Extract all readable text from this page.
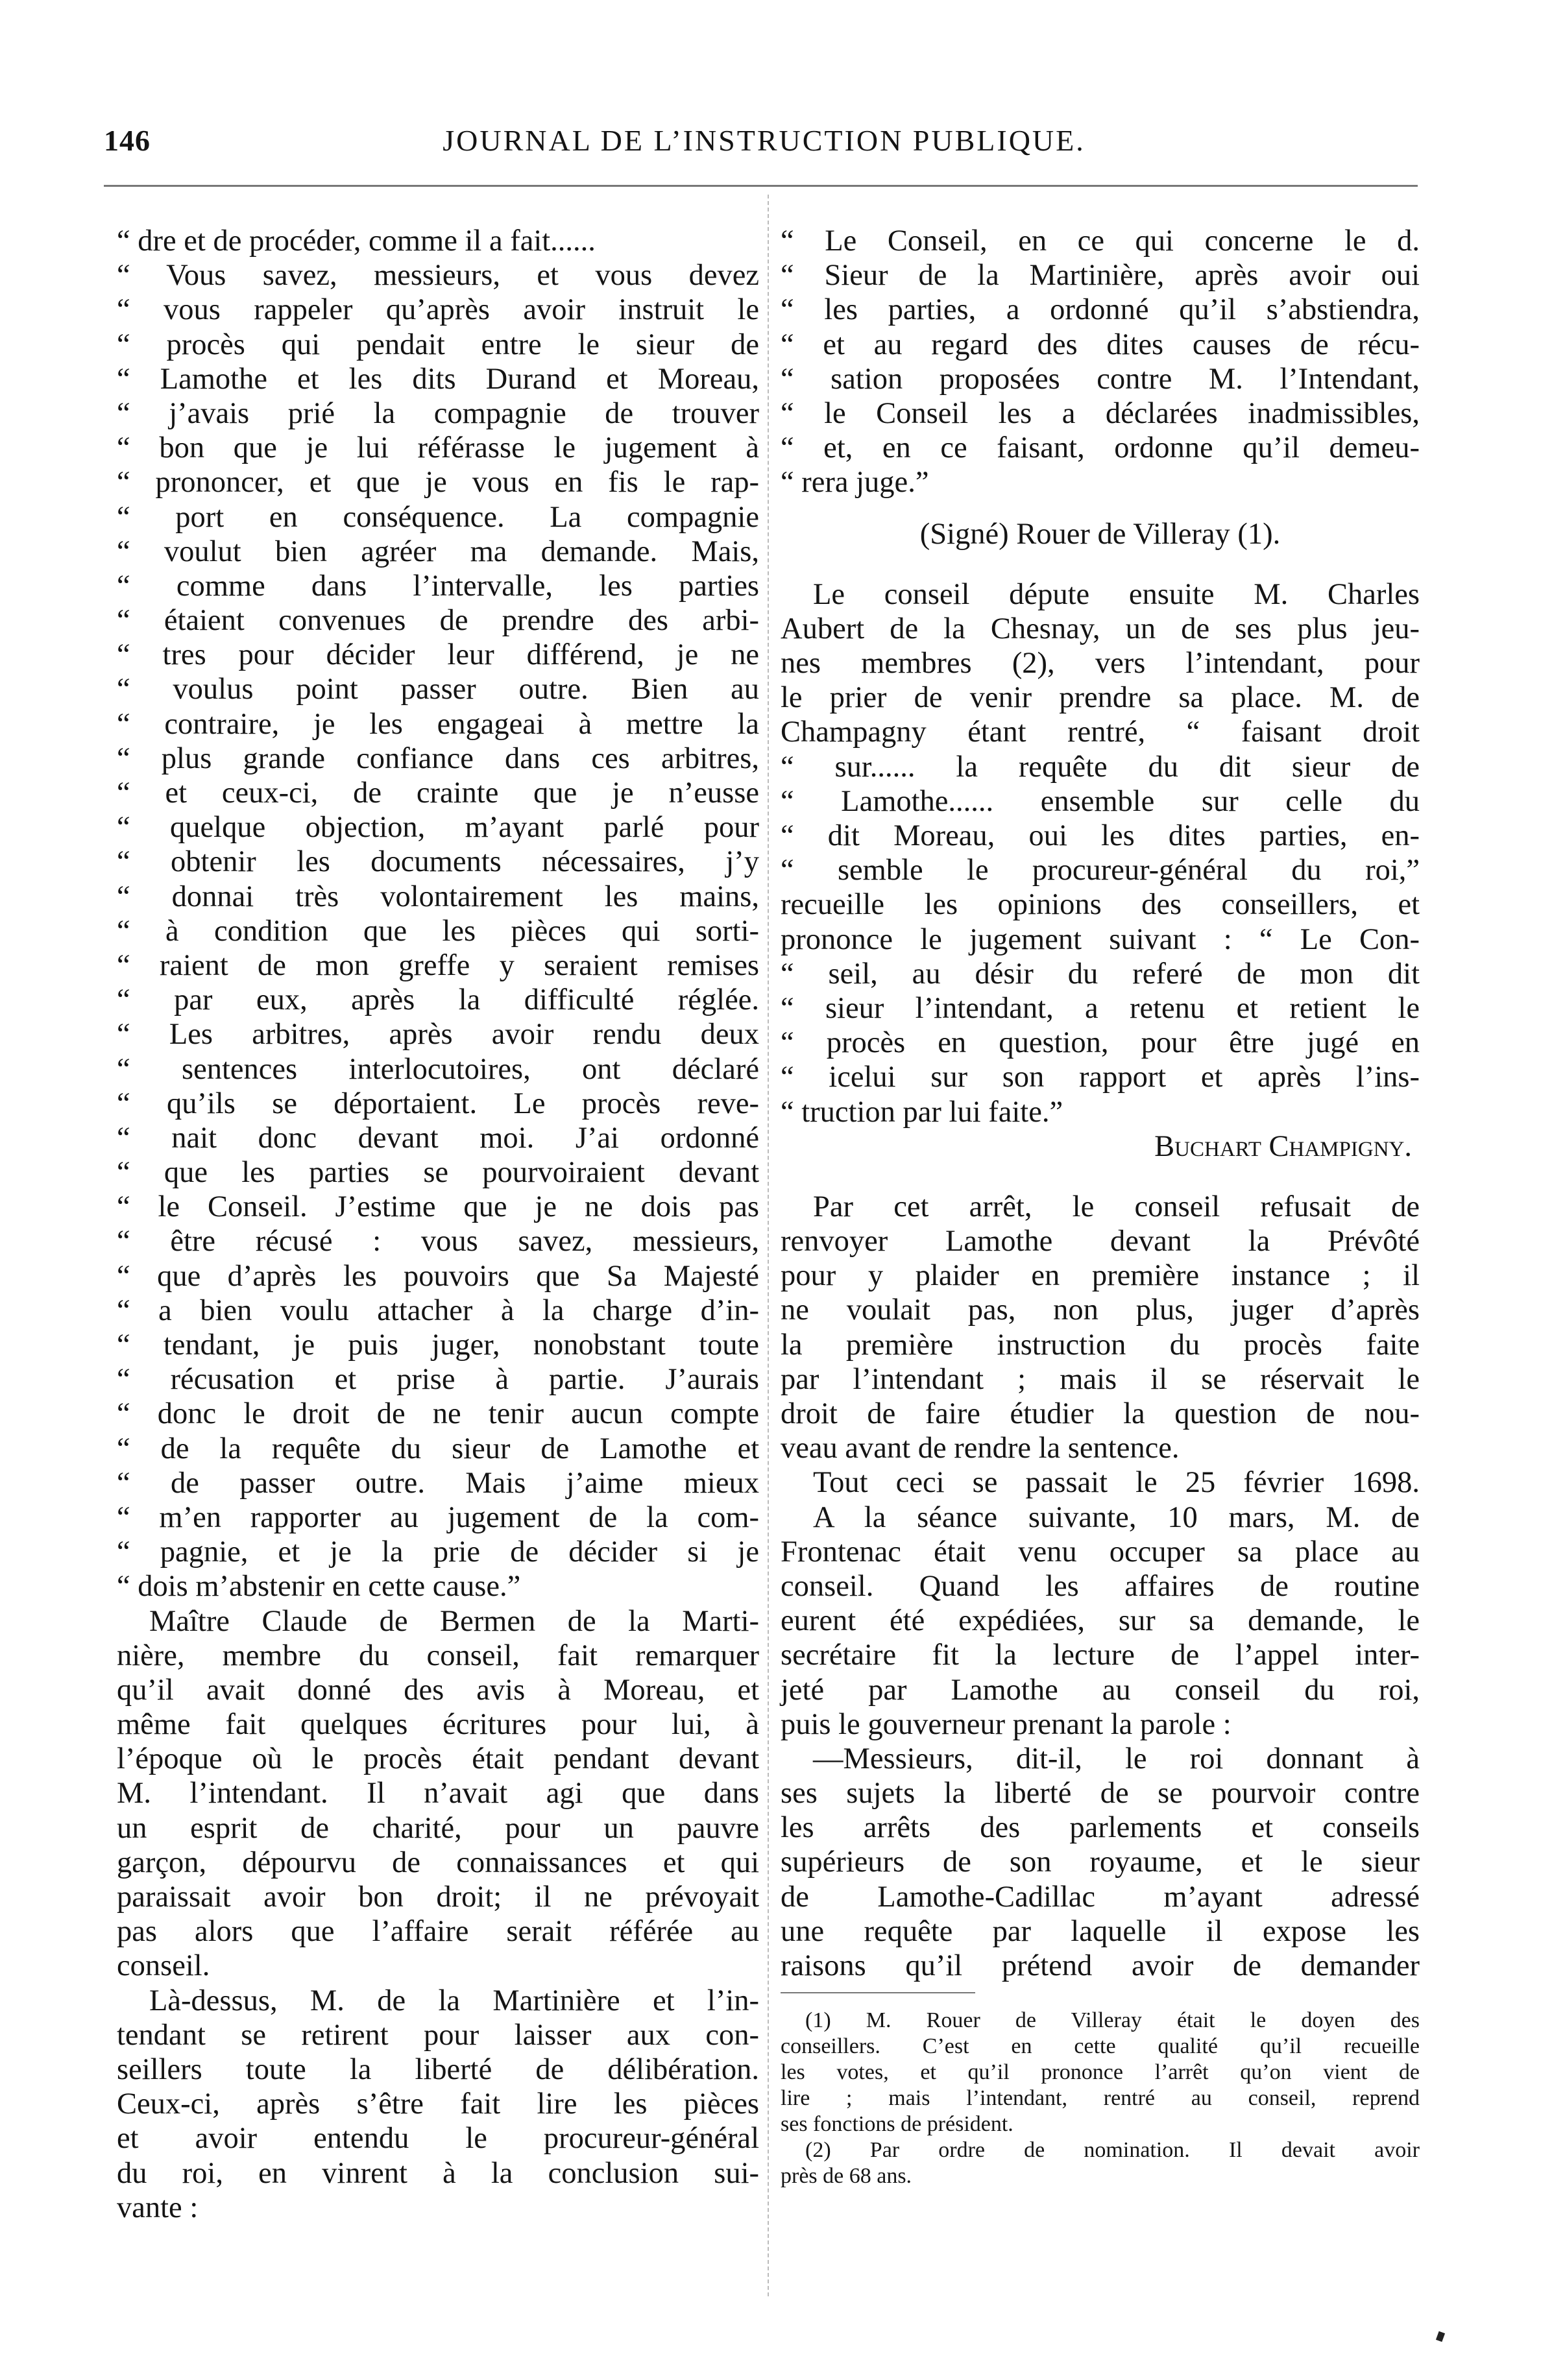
146	JOURNAL DE L’INSTRUCTION PUBLIQUE.
“ dre et de procéder, comme il a fait......
“ Vous savez, messieurs, et vous devez
“ vous rappeler qu’après avoir instruit le
“ procès qui pendait entre le sieur de
“ Lamothe et les dits Durand et Moreau,
“ j’avais prié la compagnie de trouver
“ bon que je lui référasse le jugement à
“ prononcer, et que je vous en fis le rap-
“ port en conséquence. La compagnie
“ voulut bien agréer ma demande. Mais,
“ comme dans l’intervalle, les parties
“ étaient convenues de prendre des arbi-
“ tres pour décider leur différend, je ne
“ voulus point passer outre. Bien au
“ contraire, je les engageai à mettre la
“ plus grande confiance dans ces arbitres,
“ et ceux-ci, de crainte que je n’eusse
“ quelque objection, m’ayant parlé pour
“ obtenir les documents nécessaires, j’y
“ donnai très volontairement les mains,
“ à condition que les pièces qui sorti-
“ raient de mon greffe y seraient remises
“ par eux, après la difficulté réglée.
“ Les arbitres, après avoir rendu deux
“ sentences interlocutoires, ont déclaré
“ qu’ils se déportaient. Le procès reve-
“ nait donc devant moi. J’ai ordonné
“ que les parties se pourvoiraient devant
“ le Conseil. J’estime que je ne dois pas
“ être récusé : vous savez, messieurs,
“ que d’après les pouvoirs que Sa Majesté
“ a bien voulu attacher à la charge d’in-
“ tendant, je puis juger, nonobstant toute
“ récusation et prise à partie. J’aurais
“ donc le droit de ne tenir aucun compte
“ de la requête du sieur de Lamothe et
“ de passer outre. Mais j’aime mieux
“ m’en rapporter au jugement de la com-
“ pagnie, et je la prie de décider si je
“ dois m’abstenir en cette cause.”
Maître Claude de Bermen de la Marti-
nière, membre du conseil, fait remarquer
qu’il avait donné des avis à Moreau, et
même fait quelques écritures pour lui, à
l’époque où le procès était pendant devant
M. l’intendant. Il n’avait agi que dans
un esprit de charité, pour un pauvre
garçon, dépourvu de connaissances et qui
paraissait avoir bon droit; il ne prévoyait
pas alors que l’affaire serait référée au
conseil.
Là-dessus, M. de la Martinière et l’in-
tendant se retirent pour laisser aux con-
seillers toute la liberté de délibération.
Ceux-ci, après s’être fait lire les pièces
et avoir entendu le procureur-général
du roi, en vinrent à la conclusion sui-
vante :
“ Le Conseil, en ce qui concerne le d.
“ Sieur de la Martinière, après avoir oui
“ les parties, a ordonné qu’il s’abstiendra,
“ et au regard des dites causes de récu-
“ sation proposées contre M. l’Intendant,
“ le Conseil les a déclarées inadmissibles,
“ et, en ce faisant, ordonne qu’il demeu-
“ rera juge.”
(Signé) Rouer de Villeray (1).
Le conseil députe ensuite M. Charles
Aubert de la Chesnay, un de ses plus jeu-
nes membres (2), vers l’intendant, pour
le prier de venir prendre sa place. M. de
Champagny étant rentré, “ faisant droit
“ sur...... la requête du dit sieur de
“ Lamothe...... ensemble sur celle du
“ dit Moreau, oui les dites parties, en-
“ semble le procureur-général du roi,”
recueille les opinions des conseillers, et
prononce le jugement suivant : “ Le Con-
“ seil, au désir du referé de mon dit
“ sieur l’intendant, a retenu et retient le
“ procès en question, pour être jugé en
“ icelui sur son rapport et après l’ins-
“ truction par lui faite.”
Buchart Champigny.
Par cet arrêt, le conseil refusait de
renvoyer Lamothe devant la Prévôté
pour y plaider en première instance ; il
ne voulait pas, non plus, juger d’après
la première instruction du procès faite
par l’intendant ; mais il se réservait le
droit de faire étudier la question de nou-
veau avant de rendre la sentence.
Tout ceci se passait le 25 février 1698.
A la séance suivante, 10 mars, M. de
Frontenac était venu occuper sa place au
conseil. Quand les affaires de routine
eurent été expédiées, sur sa demande, le
secrétaire fit la lecture de l’appel inter-
jeté par Lamothe au conseil du roi,
puis le gouverneur prenant la parole :
—Messieurs, dit-il, le roi donnant à
ses sujets la liberté de se pourvoir contre
les arrêts des parlements et conseils
supérieurs de son royaume, et le sieur
de Lamothe-Cadillac m’ayant adressé
une requête par laquelle il expose les
raisons qu’il prétend avoir de demander
(1) M. Rouer de Villeray était le doyen des
conseillers. C’est en cette qualité qu’il recueille
les votes, et qu’il prononce l’arrêt qu’on vient de
lire ; mais l’intendant, rentré au conseil, reprend
ses fonctions de président.
(2) Par ordre de nomination. Il devait avoir
près de 68 ans.
